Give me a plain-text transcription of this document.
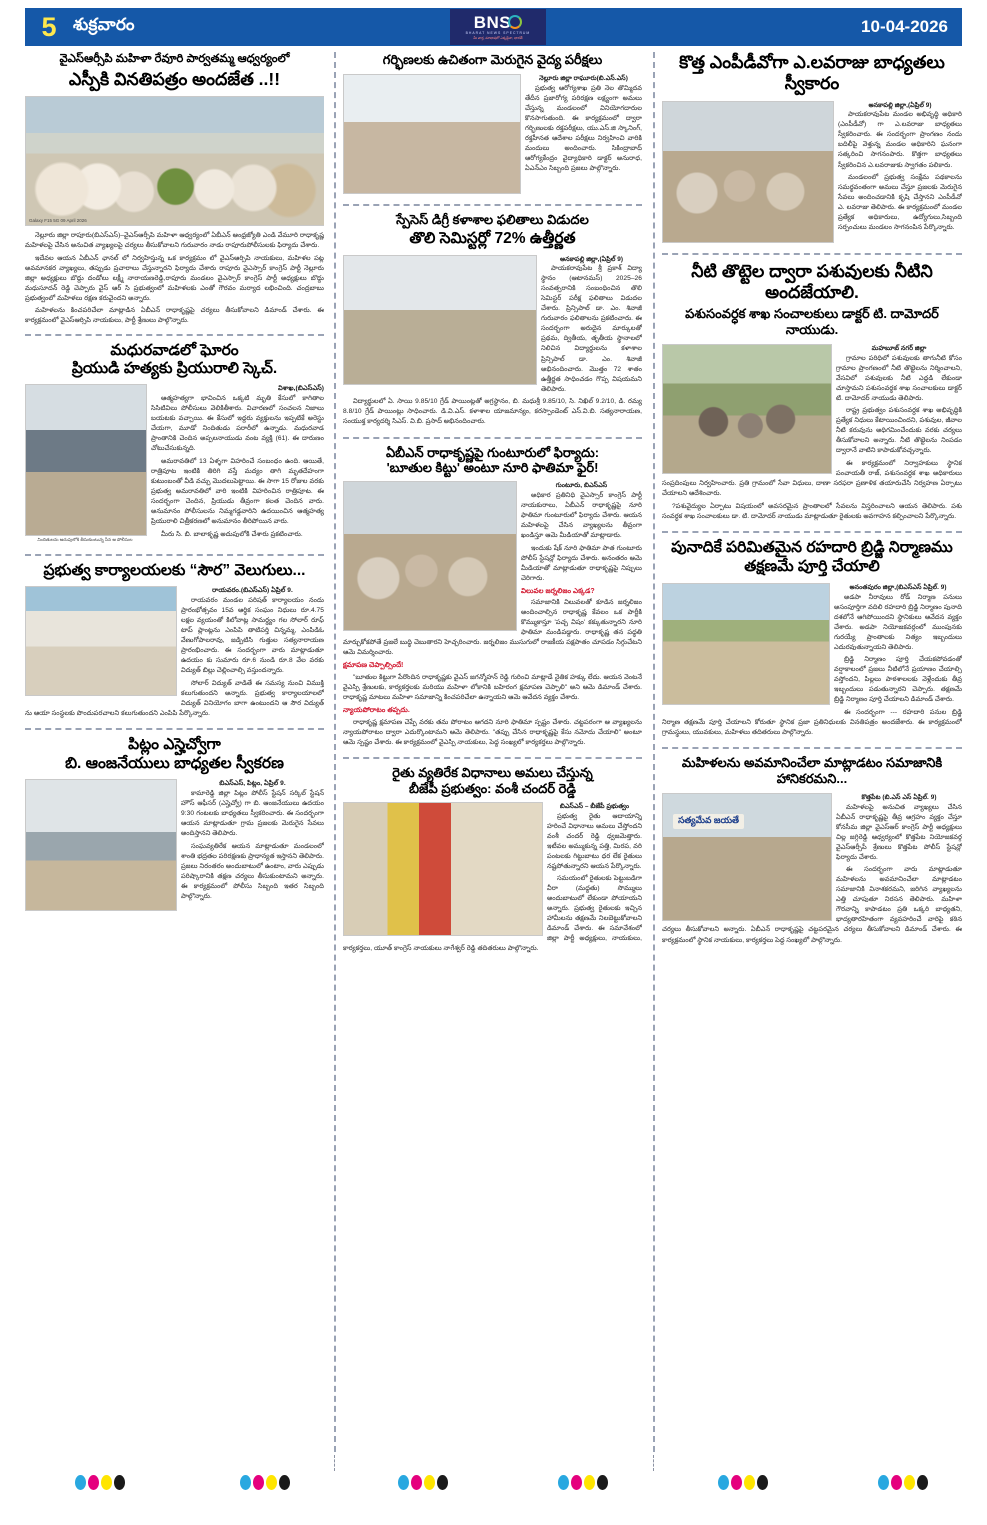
5 శుక్రవారం	BNS
BHARAT NEWS SPECTRUM
మీ వార్త, మాభాషలో ఎక్కడైనా, భారతే
10-04-2026
వైఎస్ఆర్సీపి మహిళా రేవూరి పార్వతమ్మ ఆధ్వర్యంలో
ఎస్పీకి వినతిపత్రం అందజేత ..!!
Galaxy F15 5G 09 April 2026

నెల్లూరు జిల్లా రాపూరు(బిఎస్ఎస్)–వైఎస్ఆర్సీపి మహిళా ఆధ్వర్యంలో ఏబీఎన్ ఆంధ్రజ్యోతి ఎండి వేమూరి రాధాకృష్ణ మహిళలపై చేసిన అనుచిత వ్యాఖ్యలపై చర్యలు తీసుకోవాలని గురువారం నాడు రాపూరుపోలీసులకు ఫిర్యాదు చేశారు.

ఇదేవల ఆయన ఏబీఎన్ ఛానల్ లో నిర్వహిస్తున్న ఒక కార్యక్రమం లో వైఎస్ఆర్సిపి నాయకులు, మహిళల పట్ల అవమానకర వ్యాఖ్యలు, తప్పుడు ప్రచారాలు చేస్తున్నారని ఫిర్యాదు చేశారు రాపూరు వైఎస్సార్ కాంగ్రెస్ పార్టీ నెల్లూరు జిల్లా అధ్యక్షులు బొద్దు దండోలు లక్ష్మీ నారాయణరెడ్డి,రాపూరు మండలం వైఎస్సార్ కాంగ్రెస్ పార్టీ అధ్యక్షులు బొద్దు మధుసూదన్ రెడ్డి చెప్పారు వైస్ ఆర్ సి ప్రభుత్వంలో మహిళలకు ఎంతో గౌరవం మర్యాద లభించింది. చంద్రబాబు ప్రభుత్వంలో మహిళలు రక్షణ కరువైందని అన్నారు.

మహిళలను కించపరిచేలా మాట్లాడిన ఏబీఎన్ రాధాకృష్ణపై చర్యలు తీసుకోవాలని డిమాండ్ చేశారు. ఈ కార్యక్రమంలో వైఎస్ఆర్సిపి నాయకులు, పార్టీ శ్రేణులు పాల్గొన్నారు.

మధురవాడలో ఘోరం
ప్రియుడి హత్యకు ప్రియురాలి స్కెచ్.
నిందితులను అదుపులోకి తీసుకుంటున్న సీన ఆ పోలీసుల
విశాఖ,(బిఎస్ఎస్)

ఆత్మహత్యగా భావించిన ఒక్కటి మృతి కేసులో కాగితాల సిసిటివిలు పోలీసులు వెలికితీశారు. విచారణలో సంచలన నిజాలు బయటకు వచ్చాయి. ఈ కేసులో ఇద్దరు వ్యక్తులను ఇప్పటికే అరెస్టు చేయగా, మూడో నిందితుడు పరారీలో ఉన్నాడు. మధురవాడ ప్రాంతానికి చెందిన అప్పలనాయుడు వంట వ్యక్తి (61). ఈ దారుణం చోటుచేసుకున్నది.

అమరావతిలో 13 ఏళ్ళగా విహరించే సంబంధం ఉంది. ఆయితే, రాత్రిపూట ఇంటికి తిరిగి వస్తే మద్యం తాగి మృతదేహంగా కుటుంబంతో వీడి వచ్చు మొదలుపెట్టాయి. ఈ సాగా 15 రోజుల వరకు ప్రభుత్వ అమరావతిలో వారి ఇంటికి విహరించిన రాత్రిపూట. ఈ సందర్భంగా చెందిన, ప్రియుడు తీవ్రంగా కలత చెందిన వారు. అనుమానం పోలీసులను నిమ్మగడ్డవారిని ఉదయించిన ఆత్మహత్య ప్రియురాలి చిత్రీకరణలో అనుమానం తీరిపోయిన వారు.

మీరు సి. బి. బాలాకృష్ణ అదుపులోకి చేశారు ప్రకటించారు.

ప్రభుత్వ కార్యాలయలకు “సౌర” వెలుగులు...
రాయవరం.(బిఎస్ఎస్) ఏప్రిల్ 9.

రాయవరం మండల పరిషత్ కార్యాలయం నందు ప్రారంభోత్సవం 15వ ఆర్థిక సంఘం నిధులు రూ.4.75 లక్షల వ్యయంతో కిలోవాట్ల సామర్థ్యం గల సోలార్ రూఫ్ టాప్ ప్లాంట్లను ఎంపిపి తాటిపర్తి చిన్నమ్మ, ఎంపిడిఓ వేణుగోపాలరావు, జడ్పిటిసి గుత్తుల సత్యనారాయణ ప్రారంభించారు. ఈ సందర్భంగా వారు మాట్లాడుతూ ఉదయం కు సుమారు రూ.6 నుండి రూ.8 వేల వరకు విద్యుత్ బిల్లు చెల్లించాల్సి వస్తుందన్నారు.

సోలార్ విద్యుత్ వాడితే ఈ సమస్య నుంచి విముక్తి కలుగుతుందని అన్నారు. ప్రభుత్వ కార్యాలయాలలో విద్యుత్ వినియోగం బాగా ఉంటుందని ఆ సౌర విద్యుత్ ను ఆయా సంస్థలకు పొందుపరచాలని కలుగుతుందని ఎంపిపి పేర్కొన్నారు.

పిట్లం ఎస్హెచ్వోగా
బి. ఆంజనేయులు బాధ్యతల స్వీకరణ
బిఎస్ఎస్, పిట్లం, ఏప్రిల్ 9.

కామారెడ్డి జిల్లా పిట్లం పోలీస్ స్టేషన్ సర్కిల్ స్టేషన్ హౌస్ ఆఫీసర్ (ఎస్హెచ్వో) గా బి. ఆంజనేయులు ఉదయం 9:30 గంటలకు బాధ్యతలు స్వీకరించారు. ఈ సందర్భంగా ఆయన మాట్లాడుతూ గ్రామ ప్రజలకు మెరుగైన సేవలు అందిస్తానని తెలిపారు.

సంఘవ్యతిరేక ఆయన మాట్లాడుతూ మండలంలో శాంతి భద్రతల పరిరక్షణకు ప్రాధాన్యత ఇస్తానని తెలిపారు. ప్రజలు నిరంతరం అందుబాటులో ఉంటాం, వారు ఎప్పుడు పరిష్కారానికి తక్షణ చర్యలు తీసుకుంటామని అన్నారు. ఈ కార్యక్రమంలో పోలీసు సిబ్బంది ఇతర సిబ్బంది పాల్గొన్నారు.

గర్భిణలకు ఉచితంగా మెరుగైన వైద్య పరీక్షలు
నెల్లూరు జిల్లా రాఘూరు(బి.ఎస్.ఎస్)

ప్రభుత్వ ఆరోగ్యశాఖ ప్రతి నెల తొమ్మిదవ తేదీన ప్రజారోగ్య పరిరక్షణ లక్ష్యంగా అమలు చేస్తున్న మండలంలో వినియోగదారుల కొనసాగుతుంది. ఈ కార్యక్రమంలో ద్వారా గర్భిణులకు రక్తపరీక్షలు, యు.ఎస్.జి స్కానింగ్, రక్తహీనత ఆదేశాల పరీక్షలు నిర్వహించి వారికి మందులు అందించారు. సికింద్రాబాద్ ఆరోగ్యకేంద్రం వైద్యాధికారి డాక్టర్ అనురాధ, ఏఎన్ఎం సిబ్బంది ప్రజలు పాల్గొన్నారు.

స్పేసెస్ డిగ్రీ కళాశాల ఫలితాలు విడుదల
తొలి సెమిస్టర్లో 72% ఉత్తీర్ణత
అనకాపల్లి జిల్లా,(ఏప్రిల్ 9)

పాయకరావుపేట శ్రీ ప్రకాశ్ విద్యా స్థానం (ఆటానమస్) 2025–26 సంవత్సరానికి సంబంధించిన తొలి సెమిస్టర్ పరీక్ష ఫలితాలు విడుదల చేశారు. ప్రిన్సిపాల్ డా. ఎం. శివాజీ గురువారం ఫలితాలను ప్రకటించారు. ఈ సందర్భంగా అరుదైన మార్కులతో ప్రథమ, ద్వితీయ, తృతీయ స్థానాలలో నిలిచిన విద్యార్థులను కళాశాల ప్రిన్సిపాల్ డా. ఎం. శివాజీ అభినందించారు. మొత్తం 72 శాతం ఉత్తీర్ణత సాధించడం గొప్ప విషయమని తెలిపారు.

విద్యార్థులలో ఏ. సాయి 9.85/10 గ్రేడ్ పాయింట్లతో అగ్రస్థానం, బి. మధుశ్రీ 9.85/10, సి. నిఖిల్ 9.2/10, డి. రమ్య 8.8/10 గ్రేడ్ పాయింట్లు సాధించారు. డి.వి.ఎస్. కళాశాల యాజమాన్యం, కరస్పాండెంట్ ఎస్.వి.బి. సత్యనారాయణ, సంయుక్త కార్యదర్శి సిఎస్. వి.బి. ప్రసాద్ అభినందించారు.

ఏబీఎన్ రాధాకృష్ణపై గుంటూరులో ఫిర్యాదు:
'బూతుల కిట్టు' అంటూ నూరి ఫాతిమా ఫైర్!
గుంటూరు, బిఎస్ఎస్

అధికార ప్రతినిధి వైఎస్సార్ కాంగ్రెస్ పార్టీ నాయకురాలు, ఏబీఎన్ రాధాకృష్ణపై నూరి ఫాతిమా గుంటూరులో ఫిర్యాదు చేశారు. ఆయన మహిళలపై చేసిన వ్యాఖ్యలను తీవ్రంగా ఖండిస్తూ ఆమె మీడియాతో మాట్లాడారు.

ఇందుకు షేక్ నూరి ఫాతిమా పాత గుంటూరు పోలీస్ స్టేషన్లో ఫిర్యాదు చేశారు. అనంతరం ఆమె మీడియాతో మాట్లాడుతూ రాధాకృష్ణపై నిప్పులు చెరిగారు.

విలువల జర్నలిజం ఎక్కడ?

సమాజానికి విలువలతో కూడిన జర్నలిజం అందించాల్సిన రాధాకృష్ణ కేవలం ఒక పార్టీకి కొమ్ముకాస్తూ 'పచ్చ విషం' కక్కుతున్నారని నూరి ఫాతిమా మండిపడ్డారు. రాధాకృష్ణ తన పద్ధతి మార్చుకోకపోతే ప్రజలే బుద్ధి చెబుతారని హెచ్చరించారు. జర్నలిజం ముసుగులో రాజకీయ పక్షపాతం చూపడం సిగ్గుచేటని ఆమె విమర్శించారు.

క్షమాపణ చెప్పాల్సిందే!

"బూతుల కిట్టుగా పేరొందిన రాధాకృష్ణకు వైఎస్ జగన్మోహన్ రెడ్డి గురించి మాట్లాడే నైతిక హక్కు లేదు. ఆయన వెంటనే వైఎస్పి శ్రేణులకు, కార్యకర్తలకు మరియు మహిళా లోకానికి బహిరంగ క్షమాపణ చెప్పాలి" అని ఆమె డిమాండ్ చేశారు. రాధాకృష్ణ మాటలు మహిళా సమాజాన్ని కించపరిచేలా ఉన్నాయని ఆమె ఆవేదన వ్యక్తం చేశారు.

న్యాయపోరాటం తప్పదు.

రాధాకృష్ణ క్షమాపణ చెప్పే వరకు తమ పోరాటం ఆగదని నూరి ఫాతిమా స్పష్టం చేశారు. చట్టపరంగా ఆ వ్యాఖ్యలను న్యాయపోరాటం ద్వారా ఎదుర్కొంటామని ఆమె తెలిపారు. "తప్పు చేసిన రాధాకృష్ణపై కేసు నమోదు చేయాలి" అంటూ ఆమె స్పష్టం చేశారు. ఈ కార్యక్రమంలో వైఎస్పి నాయకులు, పెద్ద సంఖ్యలో కార్యకర్తలు పాల్గొన్నారు.

రైతు వ్యతిరేక విధానాలు అమలు చేస్తున్న
బీజేపీ ప్రభుత్వం: వంశీ చందర్ రెడ్డి
బిఎస్ఎస్ – బీజేపీ ప్రభుత్వం

ప్రభుత్వ రైతు ఆదాయాన్ని హరించే విధానాలు అమలు చేస్తోందని వంశీ చందర్ రెడ్డి ధ్వజమెత్తారు. ఇటీవల అమ్ముకున్న పత్తి, మిరప, వరి పంటలకు గిట్టుబాటు ధర లేక రైతులు నష్టపోతున్నారని ఆయన పేర్కొన్నారు.

సమయంలో రైతులకు పెట్టుబడిగా వీరా (మద్దతు) సొమ్ములు అందుబాటులో లేకుండా పోయాయని అన్నారు. ప్రభుత్వ రైతులకు ఇచ్చిన హామీలను తక్షణమే నిలబెట్టుకోవాలని డిమాండ్ చేశారు. ఈ సమావేశంలో జిల్లా పార్టీ అధ్యక్షులు, నాయకులు, కార్యకర్తలు, యూత్ కాంగ్రెస్ నాయకులు నాగేశ్వర్ రెడ్డి తదితరులు పాల్గొన్నారు.

కొత్త ఎంపీడీవోగా ఎ.లవరాజు బాధ్యతలు స్వీకారం
అనకాపల్లి జిల్లా,(ఏప్రిల్ 9)

పాయకరావుపేట మండల అభివృద్ధి అధికారి (ఎంపీడీవో) గా ఎ.లవరాజు బాధ్యతలు స్వీకరించారు. ఈ సందర్భంగా ప్రాంగణం నందు బదిలీపై వెళ్తున్న మండల అధికారిని ఘనంగా సత్కరించి సాగనంపారు. కొత్తగా బాధ్యతలు స్వీకరించిన ఎ.లవరాజుకు స్వాగతం పలికారు.

మండలంలో ప్రభుత్వ సంక్షేమ పథకాలను సమర్థవంతంగా అమలు చేస్తూ ప్రజలకు మెరుగైన సేవలు అందించడానికి కృషి చేస్తానని ఎంపీడీవో ఎ. లవరాజు తెలిపారు. ఈ కార్యక్రమంలో మండల ప్రత్యేక అధికారులు, ఉద్యోగులు,సిబ్బంది సర్పంచులు మండలం సాగనంపిన పేర్కొన్నారు.

నీటి తొట్టెల ద్వారా పశువులకు నీటిని అందజేయాలి.
పశుసంవర్ధక శాఖ సంచాలకులు డాక్టర్ టి. దామోదర్ నాయుడు.
మహబూబ్ నగర్ జిల్లా

గ్రామాల పరిధిలో పశువులకు తాగునీటి కోసం గ్రామాల ప్రాంగణంలో నీటి తొట్టెలను నిర్మించాలని, వేసవిలో పశువులకు నీటి ఎద్దడి లేకుండా చూస్తామని పశుసంవర్ధక శాఖ సంచాలకులు డాక్టర్ టి. దామోదర్ నాయుడు తెలిపారు.

రాష్ట్ర ప్రభుత్వం పశుసంవర్ధక శాఖ అభివృద్ధికి ప్రత్యేక నిధులు కేటాయించిందని, పశువుల, జీవాల నీటి కరువును అధిగమించేందుకు వరకు చర్యలు తీసుకోవాలని అన్నారు. నీటి తొట్టెలను నింపడం ద్వారానే వాటిని కాపాడుకోవచ్చన్నారు.

ఈ కార్యక్రమంలో నిర్వాహకులు స్థానిక పంచాయతీ రాజ్, పశుసంవర్ధక శాఖ అధికారులు సంప్రదింపులు నిర్వహించారు. ప్రతి గ్రామంలో సేవా విధులు, దాణా సరఫరా ప్రణాళిక తయారుచేసి నిర్వహణ ఏర్పాటు చేయాలని ఆదేశించారు.

?పశువైద్యుల ఏర్పాటు విషయంలో అవసరమైన ప్రాంతాలలో సేవలను విస్తరించాలని ఆయన తెలిపారు. పశు సంవర్ధక శాఖ సంచాలకులు డా. టి. దామోదర్ నాయుడు మాట్లాడుతూ రైతులకు అవగాహన కల్పించాలని పేర్కొన్నారు.

పునాదికే పరిమితమైన రహదారి బ్రిడ్జి నిర్మాణము తక్షణమే పూర్తి చేయాలి
అనంతపురం జిల్లా,(బిఎస్ఎస్ ఏప్రిల్. 9)

అడపా నీరావులు రోడ్ నిర్మాణ పనులు అసంపూర్తిగా వదిలి రహదారి బ్రిడ్జి నిర్మాణం పునాది దశలోనే ఆగిపోయిందని స్థానికులు ఆవేదన వ్యక్తం చేశారు. అడపా నియోజకవర్గంలో ముంపునకు గురయ్యే ప్రాంతాలకు నిత్యం ఇబ్బందులు ఎదురవుతున్నాయని తెలిపారు.

బ్రిడ్జి నిర్మాణం పూర్తి చేయకపోవడంతో వర్షాకాలంలో ప్రజలు నీటిలోనే ప్రయాణం చేయాల్సి వస్తోందని, పిల్లలు పాఠశాలలకు వెళ్లేందుకు తీవ్ర ఇబ్బందులు పడుతున్నారని చెప్పారు. తక్షణమే బ్రిడ్జి నిర్మాణం పూర్తి చేయాలని డిమాండ్ చేశారు.

ఈ సందర్భంగా --- రహదారి పనుల బ్రిడ్జి నిర్మాణ తక్షణమే పూర్తి చేయాలని కోరుతూ స్థానిక ప్రజా ప్రతినిధులకు వినతిపత్రం అందజేశారు. ఈ కార్యక్రమంలో గ్రామస్థులు, యువకులు, మహిళలు తదితరులు పాల్గొన్నారు.

మహిళలను అవమానించేలా మాట్లాడటం సమాజానికి హానికరమని...
సత్యమేవ జయతే
కొత్తపేట (బి.ఎస్ ఎస్ ఏప్రిల్. 9)

మహిళలపై అనుచిత వ్యాఖ్యలు చేసిన ఏబీఎన్ రాధాకృష్ణపై తీవ్ర ఆగ్రహం వ్యక్తం చేస్తూ కోనసీమ జిల్లా వైఎస్ఆర్ కాంగ్రెస్ పార్టీ అధ్యక్షులు చిల్ల జగ్గిరెడ్డి ఆధ్వర్యంలో కొత్తపేట నియోజకవర్గ వైఎస్ఆర్సీపీ శ్రేణులు కొత్తపేట పోలీస్ స్టేషన్లో ఫిర్యాదు చేశారు.

ఈ సందర్భంగా వారు మాట్లాడుతూ మహిళలను అవమానించేలా మాట్లాడటం సమాజానికి వినాశకరమని, జరిగిన వ్యాఖ్యలను ఎత్తి చూపుతూ నిరసన తెలిపారు. మహిళా గౌరవాన్ని కాపాడటం ప్రతి ఒక్కరి బాధ్యతని, భాద్యతారహితంగా వ్యవహరించే వారిపై కఠిన చర్యలు తీసుకోవాలని అన్నారు. ఏబీఎన్ రాధాకృష్ణపై చట్టపరమైన చర్యలు తీసుకోవాలని డిమాండ్ చేశారు. ఈ కార్యక్రమంలో స్థానిక నాయకులు, కార్యకర్తలు పెద్ద సంఖ్యలో పాల్గొన్నారు.
